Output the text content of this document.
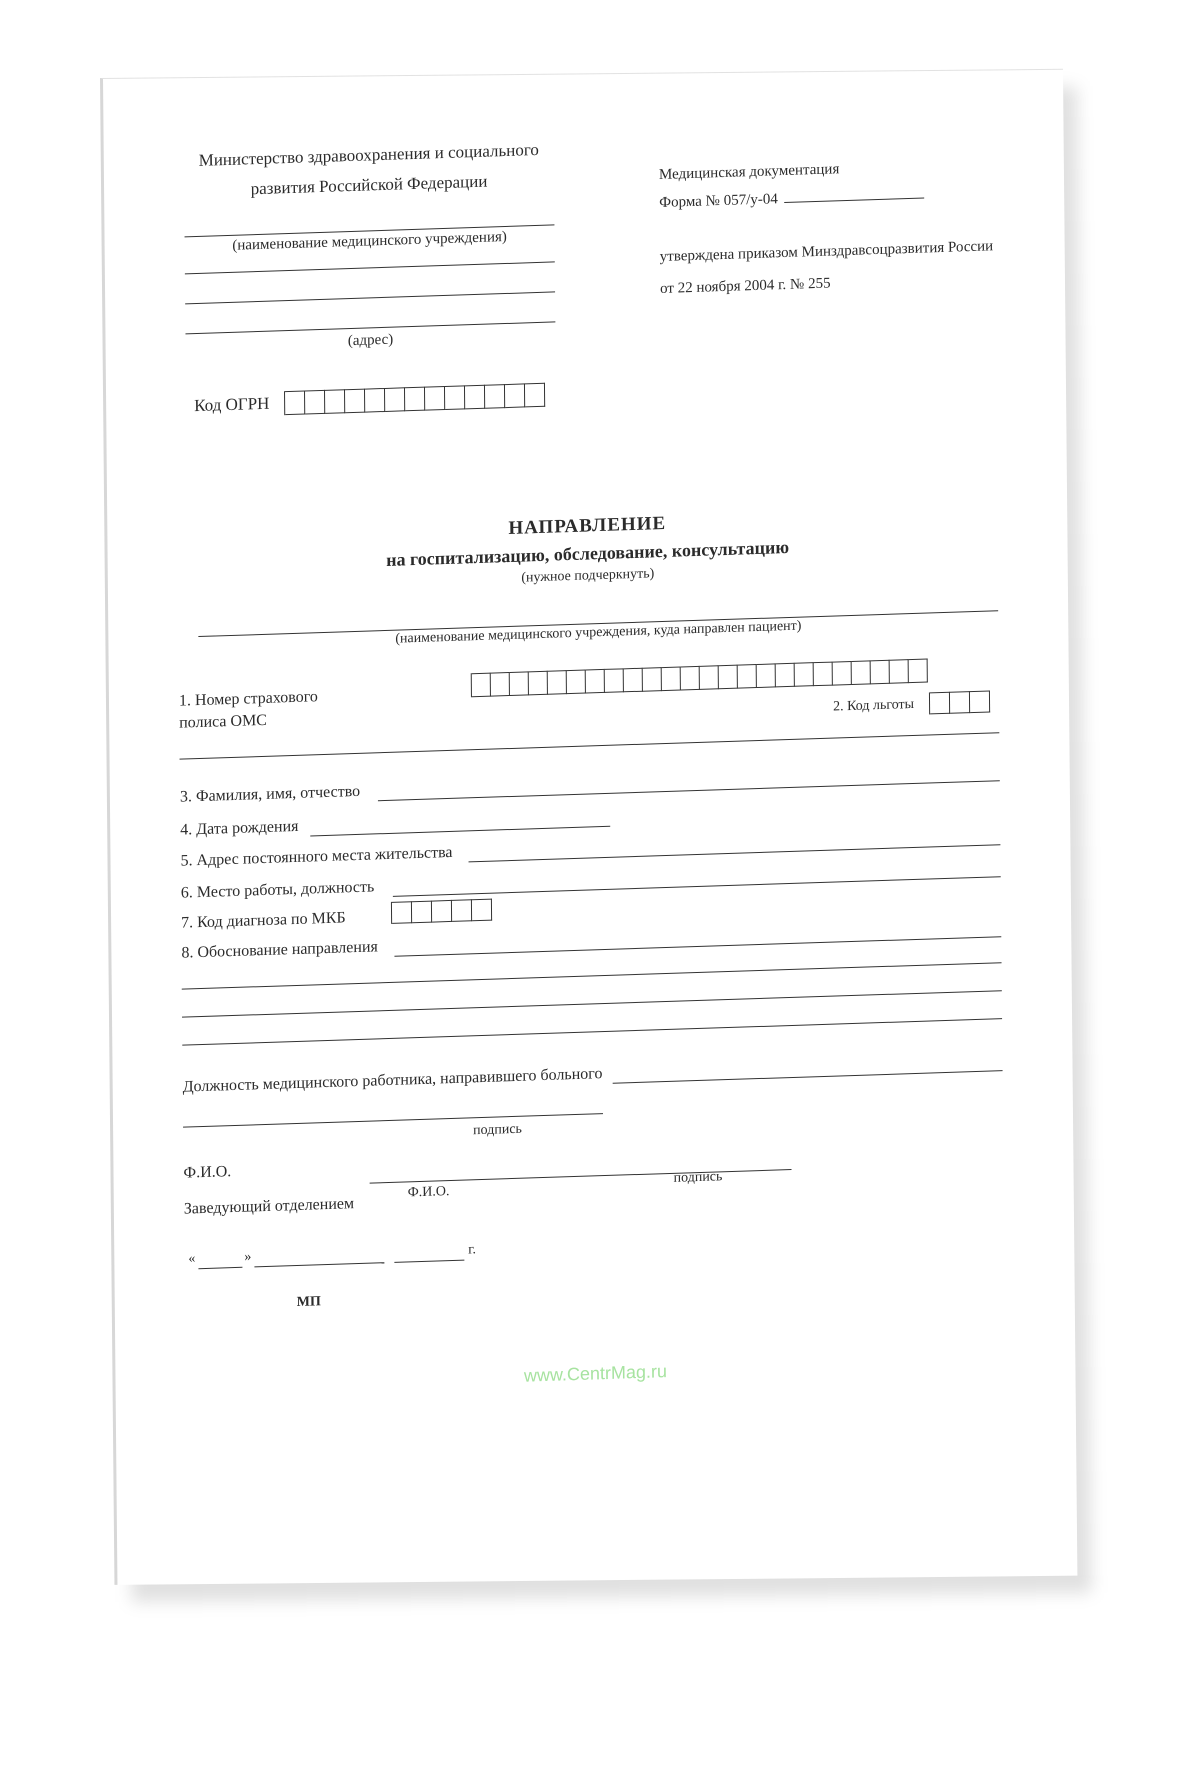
Министерство здравоохранения и социального
развития Российской Федерации

(наименование медицинского учреждения)

(адрес)

Код ОГРН

Медицинская документация
Форма № 057/у-04
утверждена приказом Минздравсоцразвития России
от 22 ноября 2004 г. № 255

НАПРАВЛЕНИЕ

на госпитализацию, обследование, консультацию

(нужное подчеркнуть)

(наименование медицинского учреждения, куда направлен пациент)

1. Номер страхового
полиса ОМС

2. Код льготы

3. Фамилия, имя, отчество

4. Дата рождения

5. Адрес постоянного места жительства

6. Место работы, должность

7. Код диагноза по МКБ

8. Обоснование направления

Должность медицинского работника, направившего больного

подпись

Ф.И.О.

Заведующий отделением

Ф.И.О.

подпись

«	»	г.

МП

www.CentrMag.ru
